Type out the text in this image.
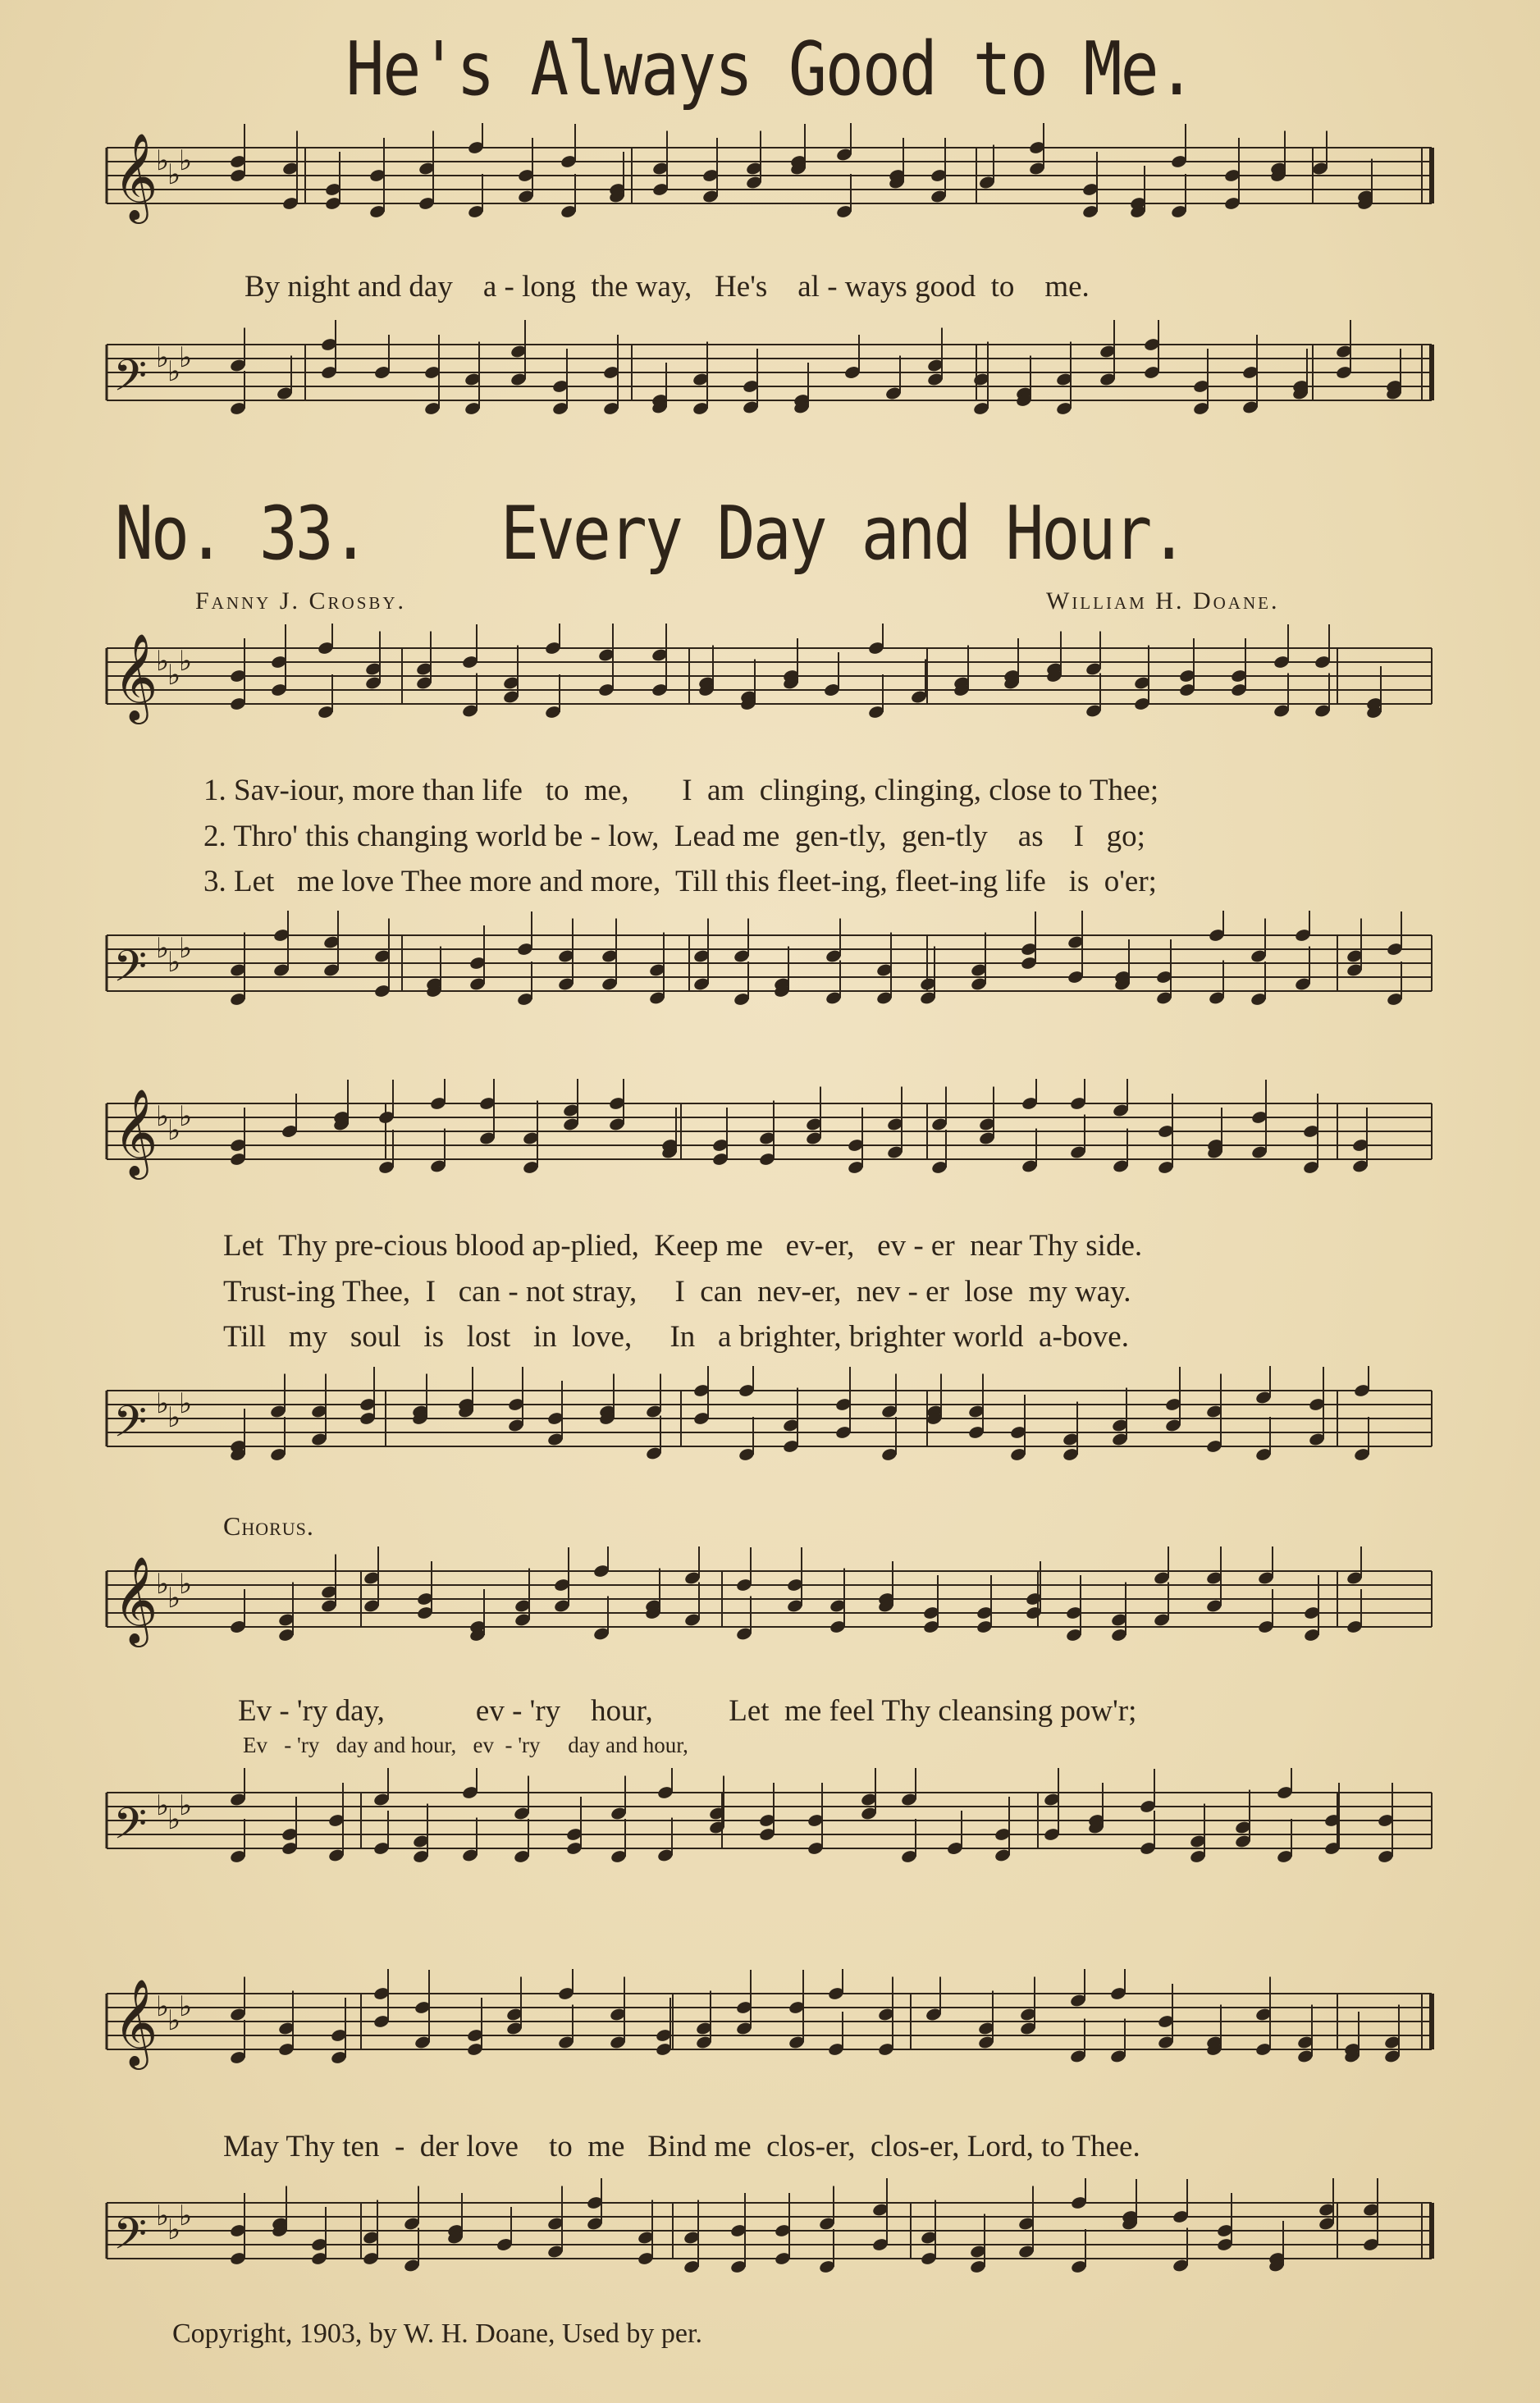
He's Always Good to Me.
𝄞
♭
♭
♭
By night and day    a - long  the way,   He's    al - ways good  to    me.
𝄢 ♭
♭
♭
No. 33. Every Day and Hour.
Fanny J. Crosby.	William H. Doane.
𝄞
♭
♭
♭
1. Sav-iour, more than life   to  me,       I  am  clinging, clinging, close to Thee;
2. Thro' this changing world be - low,  Lead me  gen-tly,  gen-tly    as    I   go;
3. Let   me love Thee more and more,  Till this fleet-ing, fleet-ing life   is  o'er;
𝄢 ♭
♭
♭
𝄞
♭
♭
♭
Let  Thy pre-cious blood ap-plied,  Keep me   ev-er,   ev - er  near Thy side.
Trust-ing Thee,  I   can - not stray,     I  can  nev-er,  nev - er  lose  my way.
Till   my   soul   is   lost   in  love,     In   a brighter, brighter world  a-bove.
𝄢 ♭
♭
♭
Chorus.
𝄞
♭
♭
♭
Ev - 'ry day,            ev - 'ry    hour,          Let  me feel Thy cleansing pow'r;
Ev   - 'ry   day and hour,   ev  - 'ry     day and hour,
𝄢 ♭
♭
♭
𝄞
♭
♭
♭
May Thy ten  -  der love    to  me   Bind me  clos-er,  clos-er, Lord, to Thee.
𝄢 ♭
♭
♭
Copyright, 1903, by W. H. Doane, Used by per.
